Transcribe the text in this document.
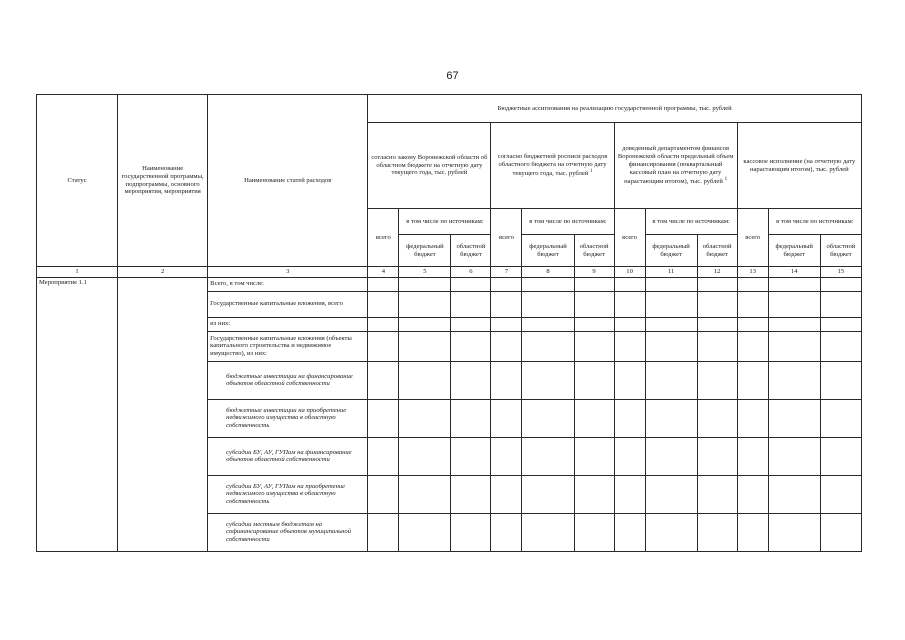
67
Статус	Наименование государственной программы, подпрограммы, основного мероприятия, мероприятия	Наименование статей расходов	Бюджетные ассигнования на реализацию государственной программы, тыс. рублей											
			согласно закону Воронежской области об областном бюджете на отчетную дату текущего года, тыс. рублей			согласно бюджетной росписи расходов областного бюджета на отчетную дату текущего года, тыс. рублей $^1$			доведенный департаментом финансов Воронежской области предельный объем финансирования (поквартальный кассовый план на отчетную дату нарастающим итогом), тыс. рублей $^1$			кассовое исполнение (на отчетную дату нарастающим итогом), тыс. рублей		
			всего	в том числе по источникам:		всего	в том числе по источникам:		всего	в том числе по источникам:		всего	в том числе по источникам:	
				федеральный бюджет	областной бюджет		федеральный бюджет	областной бюджет		федеральный бюджет	областной бюджет		федеральный бюджет	областной бюджет
1	2	3	4	5	6	7	8	9	10	11	12	13	14	15
Мероприятие 1.1		Всего, в том числе:												
		Государственные капитальные вложения, всего												
		из них:												
		Государственные капитальные вложения (объекты капитального строительства и недвижимое имущество), из них:												
		бюджетные инвестиции на финансирование объектов областной собственности												
		бюджетные инвестиции на приобретение недвижимого имущества в областную собственность												
		субсидии БУ, АУ, ГУПам на финансирование объектов областной собственности												
		субсидии БУ, АУ, ГУПам на приобретение недвижимого имущества в областную собственность												
		субсидии местным бюджетам на софинансирование объектов муниципальной собственности												
